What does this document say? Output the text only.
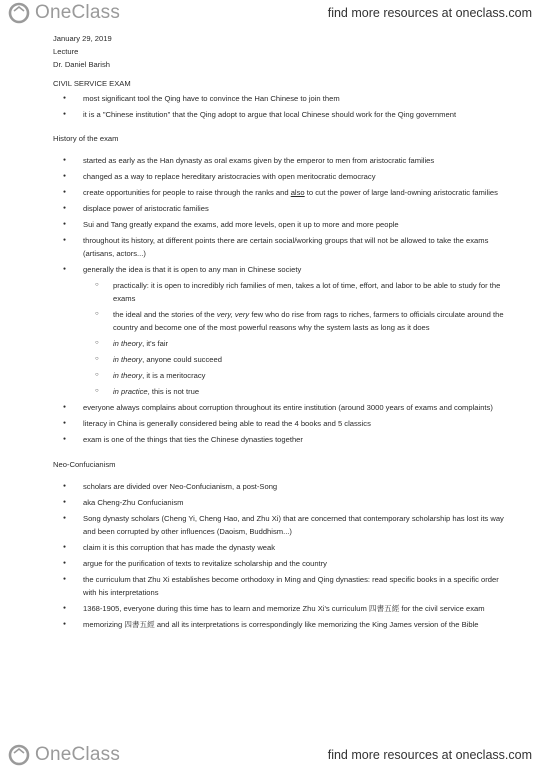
OneClass	find more resources at oneclass.com
January 29, 2019
Lecture
Dr. Daniel Barish
CIVIL SERVICE EXAM
● most significant tool the Qing have to convince the Han Chinese to join them
● it is a "Chinese institution" that the Qing adopt to argue that local Chinese should work for the Qing government
History of the exam
● started as early as the Han dynasty as oral exams given by the emperor to men from aristocratic families
● changed as a way to replace hereditary aristocracies with open meritocratic democracy
● create opportunities for people to raise through the ranks and also to cut the power of large land-owning aristocratic families
● displace power of aristocratic families
● Sui and Tang greatly expand the exams, add more levels, open it up to more and more people
● throughout its history, at different points there are certain social/working groups that will not be allowed to take the exams (artisans, actors...)
● generally the idea is that it is open to any man in Chinese society
○ practically: it is open to incredibly rich families of men, takes a lot of time, effort, and labor to be able to study for the exams
○ the ideal and the stories of the very, very few who do rise from rags to riches, farmers to officials circulate around the country and become one of the most powerful reasons why the system lasts as long as it does
○ in theory, it's fair
○ in theory, anyone could succeed
○ in theory, it is a meritocracy
○ in practice, this is not true
● everyone always complains about corruption throughout its entire institution (around 3000 years of exams and complaints)
● literacy in China is generally considered being able to read the 4 books and 5 classics
● exam is one of the things that ties the Chinese dynasties together
Neo-Confucianism
● scholars are divided over Neo-Confucianism, a post-Song
● aka Cheng-Zhu Confucianism
● Song dynasty scholars (Cheng Yi, Cheng Hao, and Zhu Xi) that are concerned that contemporary scholarship has lost its way and been corrupted by other influences (Daoism, Buddhism...)
● claim it is this corruption that has made the dynasty weak
● argue for the purification of texts to revitalize scholarship and the country
● the curriculum that Zhu Xi establishes become orthodoxy in Ming and Qing dynasties: read specific books in a specific order with his interpretations
● 1368-1905, everyone during this time has to learn and memorize Zhu Xi's curriculum 四書五經 for the civil service exam
● memorizing 四書五經 and all its interpretations is correspondingly like memorizing the King James version of the Bible
OneClass	find more resources at oneclass.com
